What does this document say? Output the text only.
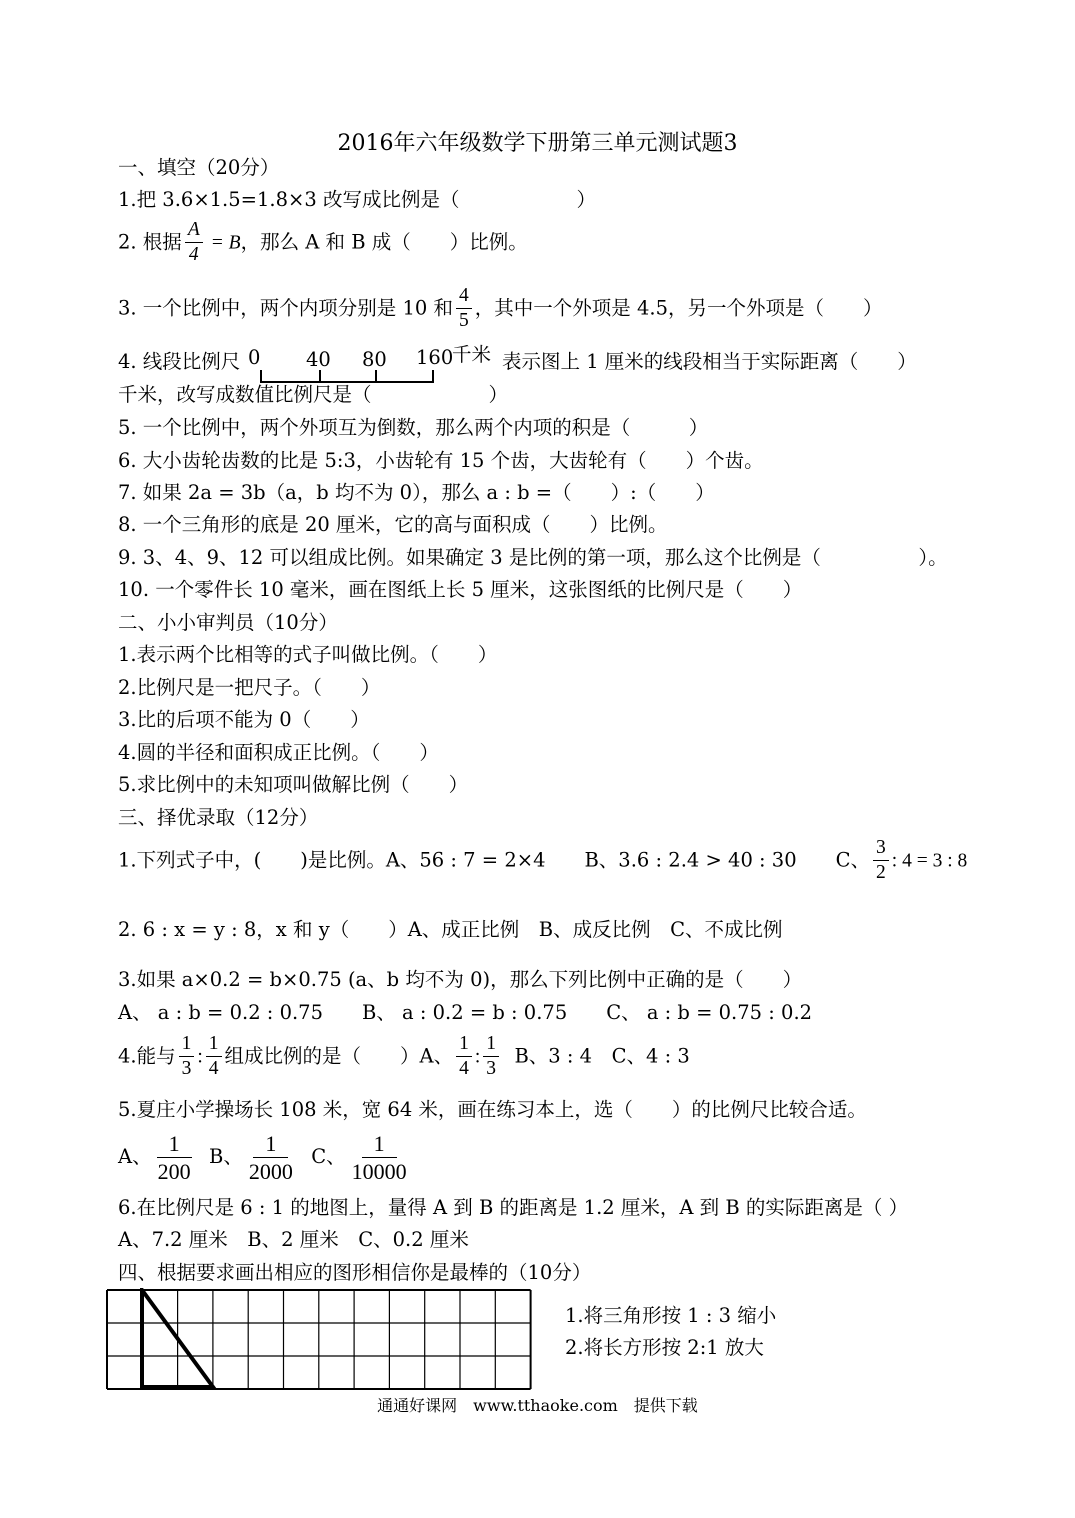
2016年六年级数学下册第三单元测试题3
一、填空（20分）
1.把 3.6×1.5=1.8×3 改写成比例是（　　　　　　）
2. 根据 $\frac{A}{4} = B$，那么 A 和 B 成（　　）比例。
3. 一个比例中，两个内项分别是 10 和 $\frac{4}{5}$ ，其中一个外项是 4.5，另一个外项是（　　）
4. 线段比例尺 0 40 80 160
千米 表示图上 1 厘米的线段相当于实际距离（　　）
千米，改写成数值比例尺是（　　　　　　）
5. 一个比例中，两个外项互为倒数，那么两个内项的积是（　　　）
6. 大小齿轮齿数的比是 5:3，小齿轮有 15 个齿，大齿轮有（　　）个齿。
7. 如果 2a = 3b（a，b 均不为 0），那么 a : b =（　　）:（　　）
8. 一个三角形的底是 20 厘米，它的高与面积成（　　）比例。
9. 3、4、9、12 可以组成比例。如果确定 3 是比例的第一项，那么这个比例是（　　　　　）。
10. 一个零件长 10 毫米，画在图纸上长 5 厘米，这张图纸的比例尺是（　　）
二、小小审判员（10分）
1.表示两个比相等的式子叫做比例。（　　）
2.比例尺是一把尺子。（　　）
3.比的后项不能为 0（　　）
4.圆的半径和面积成正比例。（　　）
5.求比例中的未知项叫做解比例（　　）
三、择优录取（12分）
1.下列式子中，(　　)是比例。A、56 : 7 = 2×4　　B、3.6 : 2.4 > 40 : 30　　C、 $\frac{3}{2}$ : 4 = 3 : 8
2. 6 : x = y : 8，x 和 y（　　）A、成正比例　B、成反比例　C、不成比例
3.如果 a×0.2 = b×0.75 (a、b 均不为 0)，那么下列比例中正确的是（　　）
A、 a : b = 0.2 : 0.75　　B、 a : 0.2 = b : 0.75　　C、 a : b = 0.75 : 0.2
4.能与 $\frac{1}{3}$ : $\frac{1}{4}$ 组成比例的是（　　）A、 $\frac{1}{4}$ : $\frac{1}{3}$ B、3 : 4　C、4 : 3
5.夏庄小学操场长 108 米，宽 64 米，画在练习本上，选（　　）的比例尺比较合适。
A、 $\frac{1}{200}$ B、 $\frac{1}{2000}$ C、 $\frac{1}{10000}$
6.在比例尺是 6 : 1 的地图上，量得 A 到 B 的距离是 1.2 厘米，A 到 B 的实际距离是（ ）
A、7.2 厘米　B、2 厘米　C、0.2 厘米
四、根据要求画出相应的图形相信你是最棒的（10分）
1.将三角形按 1 : 3 缩小
2.将长方形按 2:1 放大
通通好课网　www.tthaoke.com　提供下载
